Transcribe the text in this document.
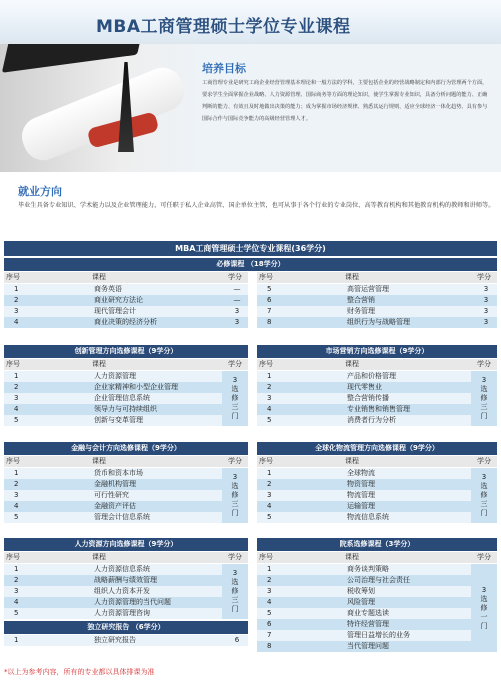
MBA工商管理硕士学位专业课程
培养目标
工商管理专业是研究工商企业经营管理基本理论和一般方法的学科，主要包括企业的经营战略制定和内部行为管理两个方面，要求学生全面掌握企业战略、人力资源管理、国际商务等方面的理论知识，使学生掌握专业知识，具备分析问题的能力、正确判断的能力、有效且及时地做出决策的能力；成为掌握市场经济规律、熟悉其运行规则、适应全球经济一体化趋势、具有参与国际合作与国际竞争能力的高级经营管理人才。
就业方向
毕业生具备专业知识、学术能力以及企业管理能力，可任职于私人企业高管、国企单位主管，也可从事于各个行业的专业岗位、高等教育机构和其他教育机构的教师和讲师等。
MBA工商管理硕士学位专业课程(36学分)
必修课程 （18学分）
序号	课程	学分 序号	课程	学分
1	商务英语	—
2	商业研究方法论	—
3	现代管理会计	3
4	商业决策的经济分析	3
5	高管运营管理	3
6	整合营销	3
7	财务管理	3
8	组织行为与战略管理	3
创新管理方向选修课程（9学分）
序号	课程	学分
1	人力资源管理
2	企业家精神和小型企业管理
3	企业管理信息系统
4	领导力与可持续组织
5	创新与变革管理
3
选
修
三
门
市场营销方向选修课程（9学分）
序号	课程	学分
1	产品和价格管理
2	现代零售业
3	整合营销传播
4	专业销售和销售管理
5	消费者行为分析
3
选
修
三
门
金融与会计方向选修课程（9学分）
序号	课程	学分
1	货币和资本市场
2	金融机构管理
3	可行性研究
4	金融资产评估
5	管理会计信息系统
3
选
修
三
门
全球化物流管理方向选修课程（9学分）
序号	课程	学分
1	全球物流
2	物资管理
3	物流管理
4	运输管理
5	物流信息系统
3
选
修
三
门
人力资源方向选修课程（9学分）
序号	课程	学分
1	人力资源信息系统
2	战略薪酬与绩效管理
3	组织人力资本开发
4	人力资源管理的当代问题
5	人力资源管理咨询
3
选
修
三
门
院系选修课程（3学分）
序号	课程	学分
1	商务谈判策略
2	公司治理与社会责任
3	税收筹划
4	风险管理
5	商业专题选读
6	特许经营管理
7	管理日益增长的业务
8	当代管理问题
3
选
修
一
门
独立研究报告 （6学分）
1	独立研究报告	6
*以上为参考内容，所有的专业都以具体排课为准
